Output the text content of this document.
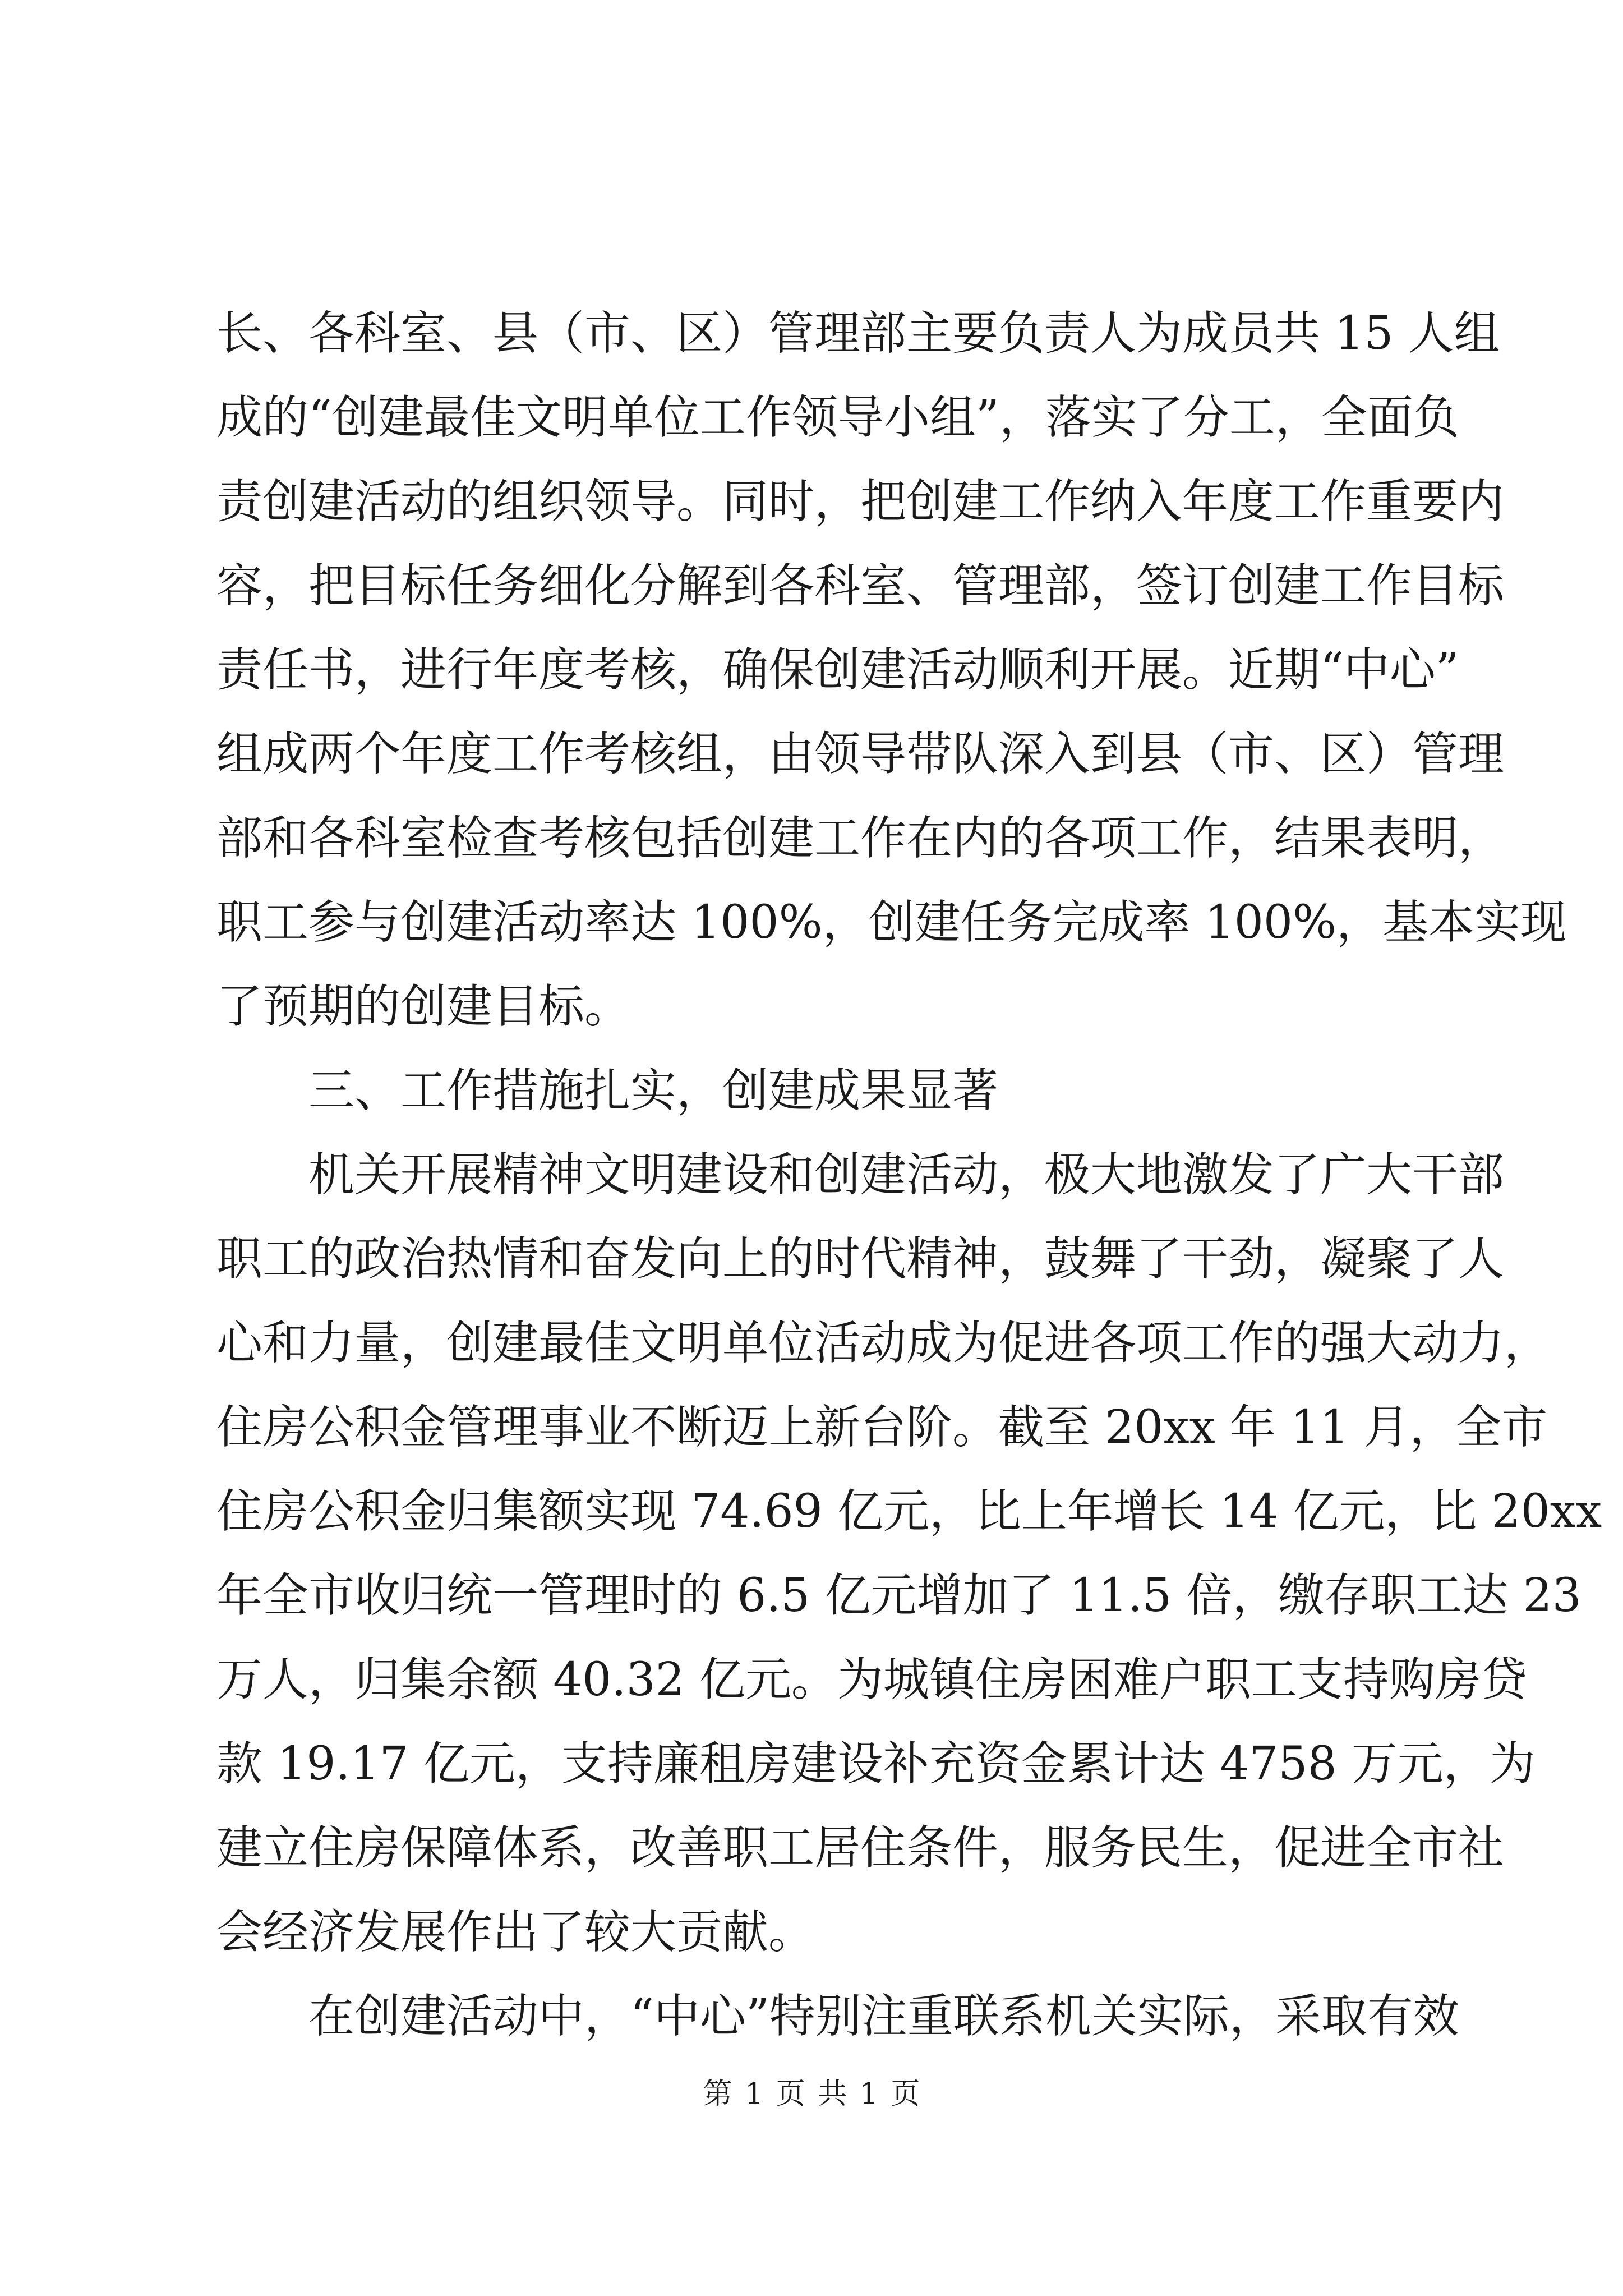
长、各科室、县（市、区）管理部主要负责人为成员共 15 人组
成的“创建最佳文明单位工作领导小组”，落实了分工，全面负
责创建活动的组织领导。同时，把创建工作纳入年度工作重要内
容，把目标任务细化分解到各科室、管理部，签订创建工作目标
责任书，进行年度考核，确保创建活动顺利开展。近期“中心”
组成两个年度工作考核组，由领导带队深入到县（市、区）管理
部和各科室检查考核包括创建工作在内的各项工作，结果表明，
职工参与创建活动率达 100%，创建任务完成率 100%，基本实现
了预期的创建目标。
三、工作措施扎实，创建成果显著
机关开展精神文明建设和创建活动，极大地激发了广大干部
职工的政治热情和奋发向上的时代精神，鼓舞了干劲，凝聚了人
心和力量，创建最佳文明单位活动成为促进各项工作的强大动力，
住房公积金管理事业不断迈上新台阶。截至 20xx 年 11 月，全市
住房公积金归集额实现 74.69 亿元，比上年增长 14 亿元，比 20xx
年全市收归统一管理时的 6.5 亿元增加了 11.5 倍，缴存职工达 23
万人，归集余额 40.32 亿元。为城镇住房困难户职工支持购房贷
款 19.17 亿元，支持廉租房建设补充资金累计达 4758 万元，为
建立住房保障体系，改善职工居住条件，服务民生，促进全市社
会经济发展作出了较大贡献。
在创建活动中，“中心”特别注重联系机关实际，采取有效
第 1 页 共 1 页
